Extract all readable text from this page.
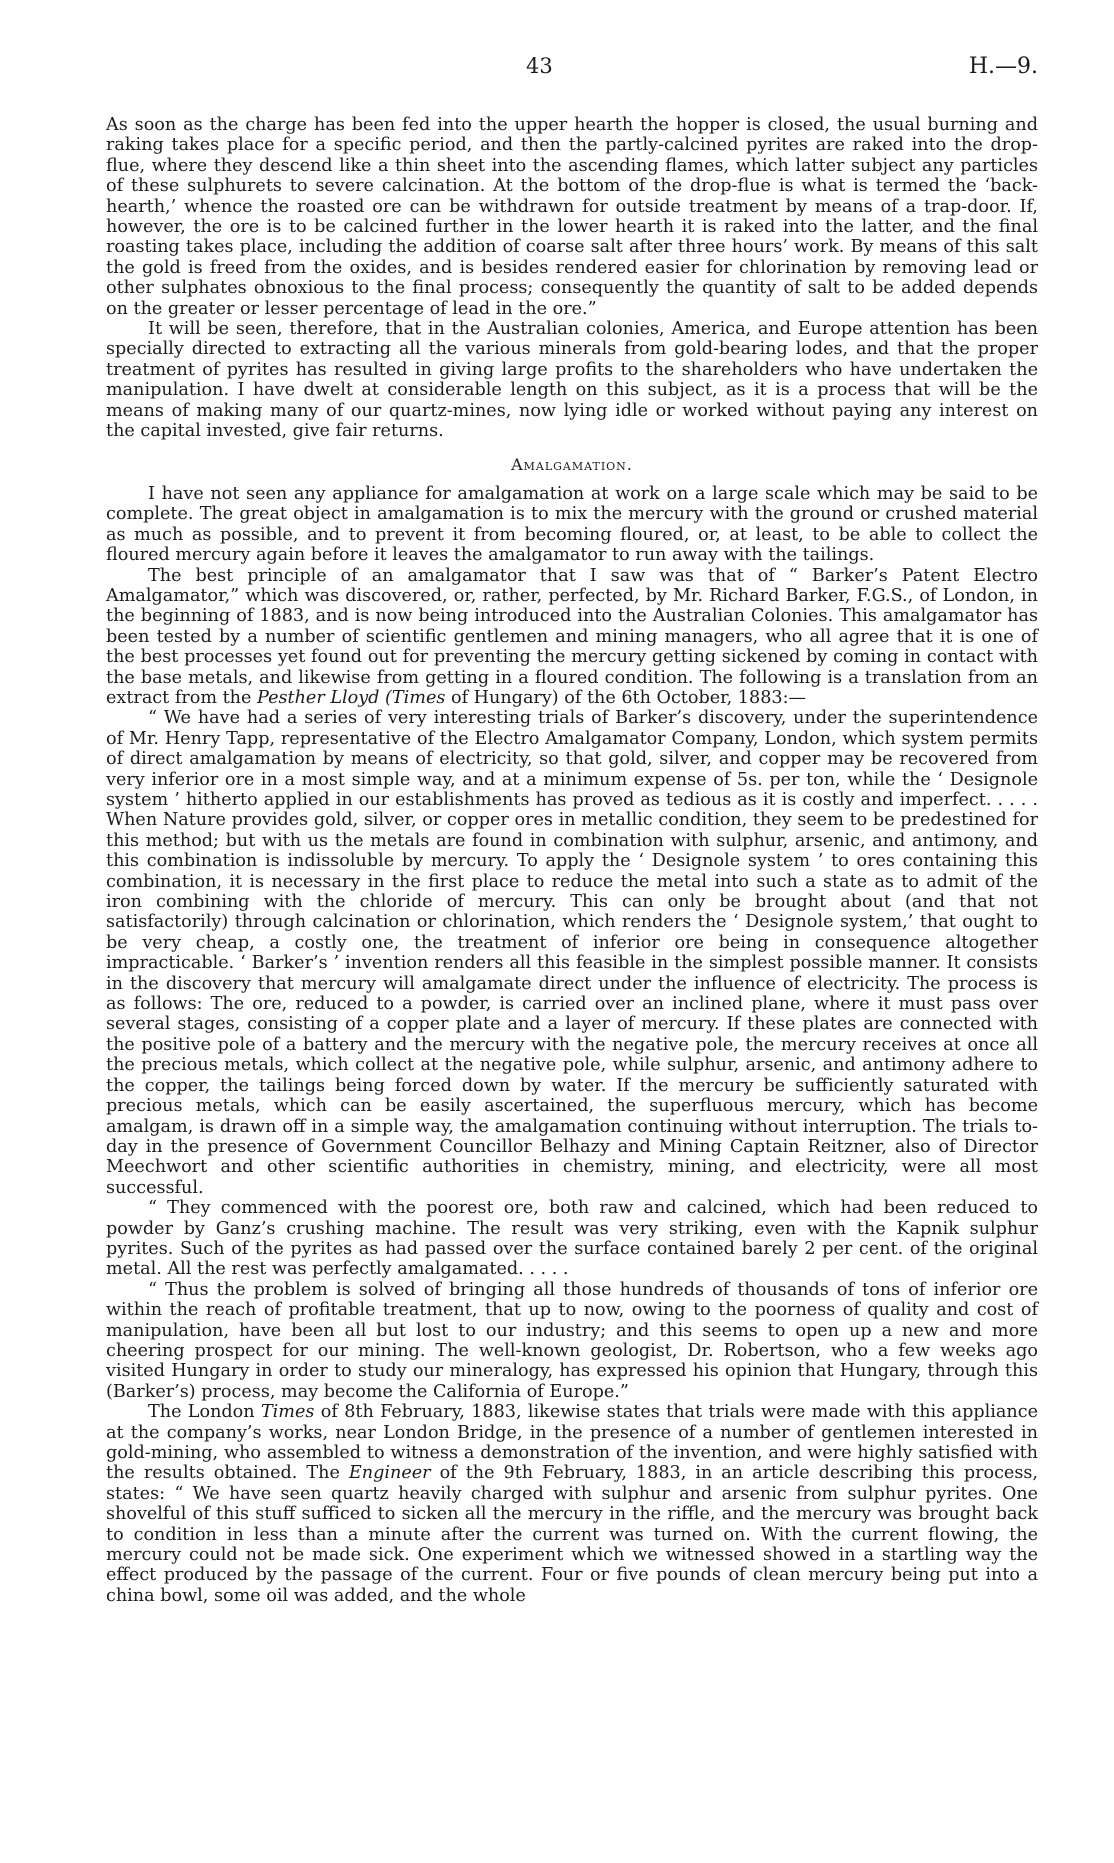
43	H.—9.

As soon as the charge has been fed into the upper hearth the hopper is closed, the usual burning and raking takes place for a specific period, and then the partly-calcined pyrites are raked into the drop-flue, where they descend like a thin sheet into the ascending flames, which latter subject any particles of these sulphurets to severe calcination. At the bottom of the drop-flue is what is termed the ‘back-hearth,’ whence the roasted ore can be withdrawn for outside treatment by means of a trap-door. If, however, the ore is to be calcined further in the lower hearth it is raked into the latter, and the final roasting takes place, including the addition of coarse salt after three hours’ work. By means of this salt the gold is freed from the oxides, and is besides rendered easier for chlorination by removing lead or other sulphates obnoxious to the final process; consequently the quantity of salt to be added depends on the greater or lesser percentage of lead in the ore.”

It will be seen, therefore, that in the Australian colonies, America, and Europe attention has been specially directed to extracting all the various minerals from gold-bearing lodes, and that the proper treatment of pyrites has resulted in giving large profits to the shareholders who have undertaken the manipulation. I have dwelt at considerable length on this subject, as it is a process that will be the means of making many of our quartz-mines, now lying idle or worked without paying any interest on the capital invested, give fair returns.

Amalgamation.

I have not seen any appliance for amalgamation at work on a large scale which may be said to be complete. The great object in amalgamation is to mix the mercury with the ground or crushed material as much as possible, and to prevent it from becoming floured, or, at least, to be able to collect the floured mercury again before it leaves the amalgamator to run away with the tailings.

The best principle of an amalgamator that I saw was that of “ Barker’s Patent Electro Amalgamator,” which was discovered, or, rather, perfected, by Mr. Richard Barker, F.G.S., of London, in the beginning of 1883, and is now being introduced into the Australian Colonies. This amalgamator has been tested by a number of scientific gentlemen and mining managers, who all agree that it is one of the best processes yet found out for preventing the mercury getting sickened by coming in contact with the base metals, and likewise from getting in a floured condition. The following is a translation from an extract from the Pesther Lloyd (Times of Hungary) of the 6th October, 1883:—

“ We have had a series of very interesting trials of Barker’s discovery, under the superintendence of Mr. Henry Tapp, representative of the Electro Amalgamator Company, London, which system permits of direct amalgamation by means of electricity, so that gold, silver, and copper may be recovered from very inferior ore in a most simple way, and at a minimum expense of 5s. per ton, while the ‘ Designole system ’ hitherto applied in our establishments has proved as tedious as it is costly and imperfect. . . . . When Nature provides gold, silver, or copper ores in metallic condition, they seem to be predestined for this method; but with us the metals are found in combination with sulphur, arsenic, and antimony, and this combination is indissoluble by mercury. To apply the ‘ Designole system ’ to ores containing this combination, it is necessary in the first place to reduce the metal into such a state as to admit of the iron combining with the chloride of mercury. This can only be brought about (and that not satisfactorily) through calcination or chlorination, which renders the ‘ Designole system,’ that ought to be very cheap, a costly one, the treatment of inferior ore being in consequence altogether impracticable. ‘ Barker’s ’ invention renders all this feasible in the simplest possible manner. It consists in the discovery that mercury will amalgamate direct under the influence of electricity. The process is as follows: The ore, reduced to a powder, is carried over an inclined plane, where it must pass over several stages, consisting of a copper plate and a layer of mercury. If these plates are connected with the positive pole of a battery and the mercury with the negative pole, the mercury receives at once all the precious metals, which collect at the negative pole, while sulphur, arsenic, and antimony adhere to the copper, the tailings being forced down by water. If the mercury be sufficiently saturated with precious metals, which can be easily ascertained, the superfluous mercury, which has become amalgam, is drawn off in a simple way, the amalgamation continuing without interruption. The trials to-day in the presence of Government Councillor Belhazy and Mining Captain Reitzner, also of Director Meechwort and other scientific authorities in chemistry, mining, and electricity, were all most successful.

“ They commenced with the poorest ore, both raw and calcined, which had been reduced to powder by Ganz’s crushing machine. The result was very striking, even with the Kapnik sulphur pyrites. Such of the pyrites as had passed over the surface contained barely 2 per cent. of the original metal. All the rest was perfectly amalgamated. . . . .

“ Thus the problem is solved of bringing all those hundreds of thousands of tons of inferior ore within the reach of profitable treatment, that up to now, owing to the poorness of quality and cost of manipulation, have been all but lost to our industry; and this seems to open up a new and more cheering prospect for our mining. The well-known geologist, Dr. Robertson, who a few weeks ago visited Hungary in order to study our mineralogy, has expressed his opinion that Hungary, through this (Barker’s) process, may become the California of Europe.”

The London Times of 8th February, 1883, likewise states that trials were made with this appliance at the company’s works, near London Bridge, in the presence of a number of gentlemen interested in gold-mining, who assembled to witness a demonstration of the invention, and were highly satisfied with the results obtained. The Engineer of the 9th February, 1883, in an article describing this process, states: “ We have seen quartz heavily charged with sulphur and arsenic from sulphur pyrites. One shovelful of this stuff sufficed to sicken all the mercury in the riffle, and the mercury was brought back to condition in less than a minute after the current was turned on. With the current flowing, the mercury could not be made sick. One experiment which we witnessed showed in a startling way the effect produced by the passage of the current. Four or five pounds of clean mercury being put into a china bowl, some oil was added, and the whole
